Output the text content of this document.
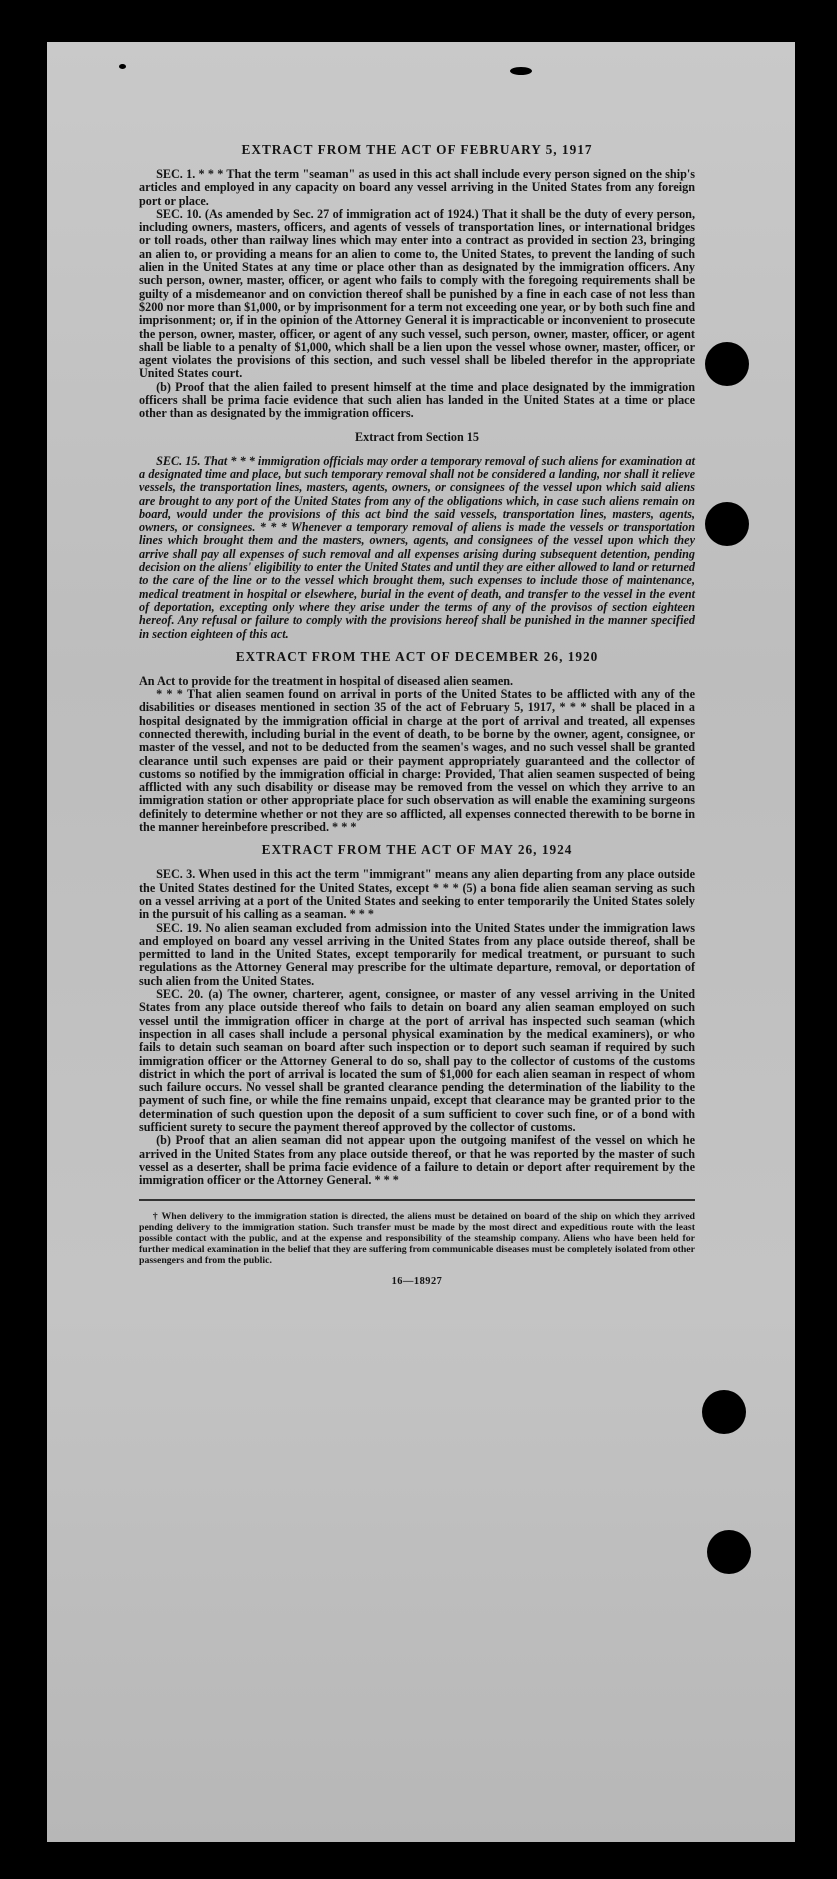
EXTRACT FROM THE ACT OF FEBRUARY 5, 1917

SEC. 1. * * * That the term "seaman" as used in this act shall include every person signed on the ship's articles and employed in any capacity on board any vessel arriving in the United States from any foreign port or place.

SEC. 10. (As amended by Sec. 27 of immigration act of 1924.) That it shall be the duty of every person, including owners, masters, officers, and agents of vessels of transportation lines, or international bridges or toll roads, other than railway lines which may enter into a contract as provided in section 23, bringing an alien to, or providing a means for an alien to come to, the United States, to prevent the landing of such alien in the United States at any time or place other than as designated by the immigration officers. Any such person, owner, master, officer, or agent who fails to comply with the foregoing requirements shall be guilty of a misdemeanor and on conviction thereof shall be punished by a fine in each case of not less than $200 nor more than $1,000, or by imprisonment for a term not exceeding one year, or by both such fine and imprisonment; or, if in the opinion of the Attorney General it is impracticable or inconvenient to prosecute the person, owner, master, officer, or agent of any such vessel, such person, owner, master, officer, or agent shall be liable to a penalty of $1,000, which shall be a lien upon the vessel whose owner, master, officer, or agent violates the provisions of this section, and such vessel shall be libeled therefor in the appropriate United States court.

(b) Proof that the alien failed to present himself at the time and place designated by the immigration officers shall be prima facie evidence that such alien has landed in the United States at a time or place other than as designated by the immigration officers.

Extract from Section 15

SEC. 15. That * * * immigration officials may order a temporary removal of such aliens for examination at a designated time and place, but such temporary removal shall not be considered a landing, nor shall it relieve vessels, the transportation lines, masters, agents, owners, or consignees of the vessel upon which said aliens are brought to any port of the United States from any of the obligations which, in case such aliens remain on board, would under the provisions of this act bind the said vessels, transportation lines, masters, agents, owners, or consignees. * * * Whenever a temporary removal of aliens is made the vessels or transportation lines which brought them and the masters, owners, agents, and consignees of the vessel upon which they arrive shall pay all expenses of such removal and all expenses arising during subsequent detention, pending decision on the aliens' eligibility to enter the United States and until they are either allowed to land or returned to the care of the line or to the vessel which brought them, such expenses to include those of maintenance, medical treatment in hospital or elsewhere, burial in the event of death, and transfer to the vessel in the event of deportation, excepting only where they arise under the terms of any of the provisos of section eighteen hereof. Any refusal or failure to comply with the provisions hereof shall be punished in the manner specified in section eighteen of this act.

EXTRACT FROM THE ACT OF DECEMBER 26, 1920

An Act to provide for the treatment in hospital of diseased alien seamen.

* * * That alien seamen found on arrival in ports of the United States to be afflicted with any of the disabilities or diseases mentioned in section 35 of the act of February 5, 1917, * * * shall be placed in a hospital designated by the immigration official in charge at the port of arrival and treated, all expenses connected therewith, including burial in the event of death, to be borne by the owner, agent, consignee, or master of the vessel, and not to be deducted from the seamen's wages, and no such vessel shall be granted clearance until such expenses are paid or their payment appropriately guaranteed and the collector of customs so notified by the immigration official in charge: Provided, That alien seamen suspected of being afflicted with any such disability or disease may be removed from the vessel on which they arrive to an immigration station or other appropriate place for such observation as will enable the examining surgeons definitely to determine whether or not they are so afflicted, all expenses connected therewith to be borne in the manner hereinbefore prescribed. * * *

EXTRACT FROM THE ACT OF MAY 26, 1924

SEC. 3. When used in this act the term "immigrant" means any alien departing from any place outside the United States destined for the United States, except * * * (5) a bona fide alien seaman serving as such on a vessel arriving at a port of the United States and seeking to enter temporarily the United States solely in the pursuit of his calling as a seaman. * * *

SEC. 19. No alien seaman excluded from admission into the United States under the immigration laws and employed on board any vessel arriving in the United States from any place outside thereof, shall be permitted to land in the United States, except temporarily for medical treatment, or pursuant to such regulations as the Attorney General may prescribe for the ultimate departure, removal, or deportation of such alien from the United States.

SEC. 20. (a) The owner, charterer, agent, consignee, or master of any vessel arriving in the United States from any place outside thereof who fails to detain on board any alien seaman employed on such vessel until the immigration officer in charge at the port of arrival has inspected such seaman (which inspection in all cases shall include a personal physical examination by the medical examiners), or who fails to detain such seaman on board after such inspection or to deport such seaman if required by such immigration officer or the Attorney General to do so, shall pay to the collector of customs of the customs district in which the port of arrival is located the sum of $1,000 for each alien seaman in respect of whom such failure occurs. No vessel shall be granted clearance pending the determination of the liability to the payment of such fine, or while the fine remains unpaid, except that clearance may be granted prior to the determination of such question upon the deposit of a sum sufficient to cover such fine, or of a bond with sufficient surety to secure the payment thereof approved by the collector of customs.

(b) Proof that an alien seaman did not appear upon the outgoing manifest of the vessel on which he arrived in the United States from any place outside thereof, or that he was reported by the master of such vessel as a deserter, shall be prima facie evidence of a failure to detain or deport after requirement by the immigration officer or the Attorney General. * * *

† When delivery to the immigration station is directed, the aliens must be detained on board of the ship on which they arrived pending delivery to the immigration station. Such transfer must be made by the most direct and expeditious route with the least possible contact with the public, and at the expense and responsibility of the steamship company. Aliens who have been held for further medical examination in the belief that they are suffering from communicable diseases must be completely isolated from other passengers and from the public.

16—18927
